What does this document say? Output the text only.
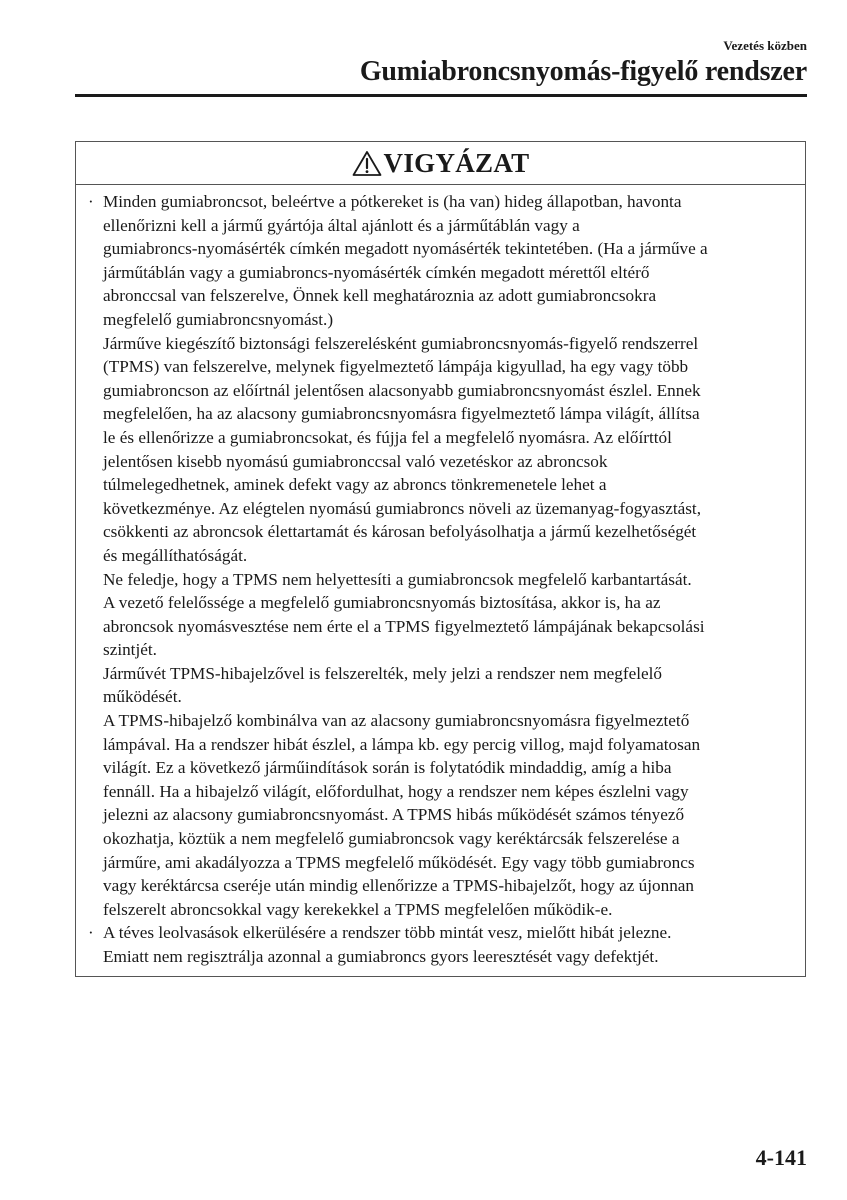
Vezetés közben
Gumiabroncsnyomás-figyelő rendszer
VIGYÁZAT
· Minden gumiabroncsot, beleértve a pótkereket is (ha van) hideg állapotban, havonta
ellenőrizni kell a jármű gyártója által ajánlott és a járműtáblán vagy a
gumiabroncs-nyomásérték címkén megadott nyomásérték tekintetében. (Ha a járműve a
járműtáblán vagy a gumiabroncs-nyomásérték címkén megadott mérettől eltérő
abronccsal van felszerelve, Önnek kell meghatároznia az adott gumiabroncsokra
megfelelő gumiabroncsnyomást.)
Járműve kiegészítő biztonsági felszerelésként gumiabroncsnyomás-figyelő rendszerrel
(TPMS) van felszerelve, melynek figyelmeztető lámpája kigyullad, ha egy vagy több
gumiabroncson az előírtnál jelentősen alacsonyabb gumiabroncsnyomást észlel. Ennek
megfelelően, ha az alacsony gumiabroncsnyomásra figyelmeztető lámpa világít, állítsa
le és ellenőrizze a gumiabroncsokat, és fújja fel a megfelelő nyomásra. Az előírttól
jelentősen kisebb nyomású gumiabronccsal való vezetéskor az abroncsok
túlmelegedhetnek, aminek defekt vagy az abroncs tönkremenetele lehet a
következménye. Az elégtelen nyomású gumiabroncs növeli az üzemanyag-fogyasztást,
csökkenti az abroncsok élettartamát és károsan befolyásolhatja a jármű kezelhetőségét
és megállíthatóságát.
Ne feledje, hogy a TPMS nem helyettesíti a gumiabroncsok megfelelő karbantartását.
A vezető felelőssége a megfelelő gumiabroncsnyomás biztosítása, akkor is, ha az
abroncsok nyomásvesztése nem érte el a TPMS figyelmeztető lámpájának bekapcsolási
szintjét.
Járművét TPMS-hibajelzővel is felszerelték, mely jelzi a rendszer nem megfelelő
működését.
A TPMS-hibajelző kombinálva van az alacsony gumiabroncsnyomásra figyelmeztető
lámpával. Ha a rendszer hibát észlel, a lámpa kb. egy percig villog, majd folyamatosan
világít. Ez a következő járműindítások során is folytatódik mindaddig, amíg a hiba
fennáll. Ha a hibajelző világít, előfordulhat, hogy a rendszer nem képes észlelni vagy
jelezni az alacsony gumiabroncsnyomást. A TPMS hibás működését számos tényező
okozhatja, köztük a nem megfelelő gumiabroncsok vagy keréktárcsák felszerelése a
járműre, ami akadályozza a TPMS megfelelő működését. Egy vagy több gumiabroncs
vagy keréktárcsa cseréje után mindig ellenőrizze a TPMS-hibajelzőt, hogy az újonnan
felszerelt abroncsokkal vagy kerekekkel a TPMS megfelelően működik-e.
· A téves leolvasások elkerülésére a rendszer több mintát vesz, mielőtt hibát jelezne.
Emiatt nem regisztrálja azonnal a gumiabroncs gyors leeresztését vagy defektjét.
4-141
